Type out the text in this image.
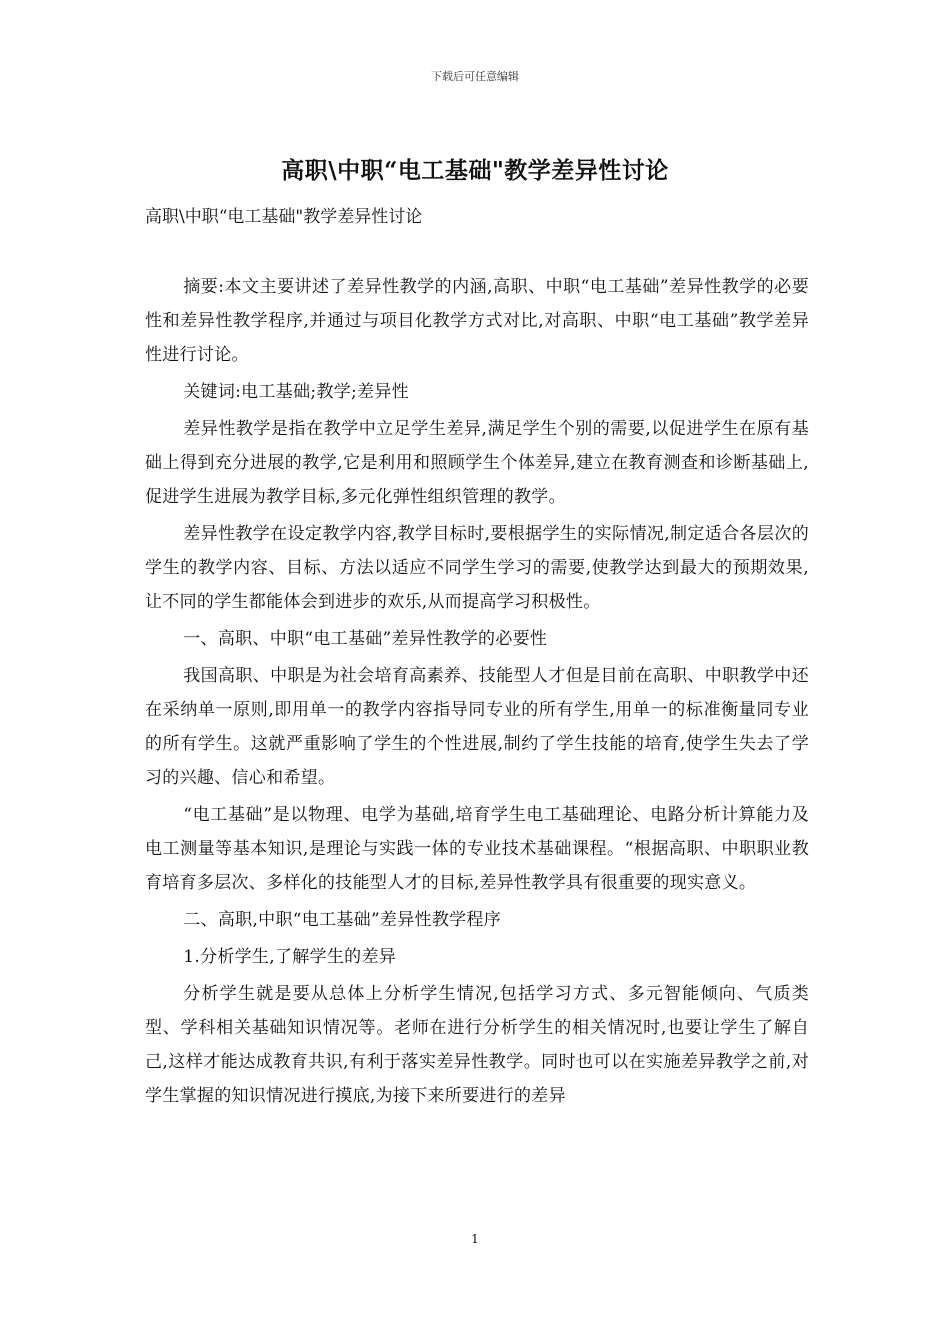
下载后可任意编辑
高职\中职“电工基础"教学差异性讨论
高职\中职“电工基础"教学差异性讨论

摘要:本文主要讲述了差异性教学的内涵,高职、中职“电工基础”差异性教学的必要性和差异性教学程序,并通过与项目化教学方式对比,对高职、中职“电工基础”教学差异性进行讨论。

关键词:电工基础;教学;差异性

差异性教学是指在教学中立足学生差异,满足学生个别的需要,以促进学生在原有基础上得到充分进展的教学,它是利用和照顾学生个体差异,建立在教育测查和诊断基础上,促进学生进展为教学目标,多元化弹性组织管理的教学。

差异性教学在设定教学内容,教学目标时,要根据学生的实际情况,制定适合各层次的学生的教学内容、目标、方法以适应不同学生学习的需要,使教学达到最大的预期效果,让不同的学生都能体会到进步的欢乐,从而提高学习积极性。

一、高职、中职“电工基础”差异性教学的必要性

我国高职、中职是为社会培育高素养、技能型人才但是目前在高职、中职教学中还在采纳单一原则,即用单一的教学内容指导同专业的所有学生,用单一的标准衡量同专业的所有学生。这就严重影响了学生的个性进展,制约了学生技能的培育,使学生失去了学习的兴趣、信心和希望。

“电工基础”是以物理、电学为基础,培育学生电工基础理论、电路分析计算能力及电工测量等基本知识,是理论与实践一体的专业技术基础课程。“根据高职、中职职业教育培育多层次、多样化的技能型人才的目标,差异性教学具有很重要的现实意义。

二、高职,中职“电工基础”差异性教学程序

1.分析学生,了解学生的差异

分析学生就是要从总体上分析学生情况,包括学习方式、多元智能倾向、气质类型、学科相关基础知识情况等。老师在进行分析学生的相关情况时,也要让学生了解自己,这样才能达成教育共识,有利于落实差异性教学。同时也可以在实施差异教学之前,对学生掌握的知识情况进行摸底,为接下来所要进行的差异

1
